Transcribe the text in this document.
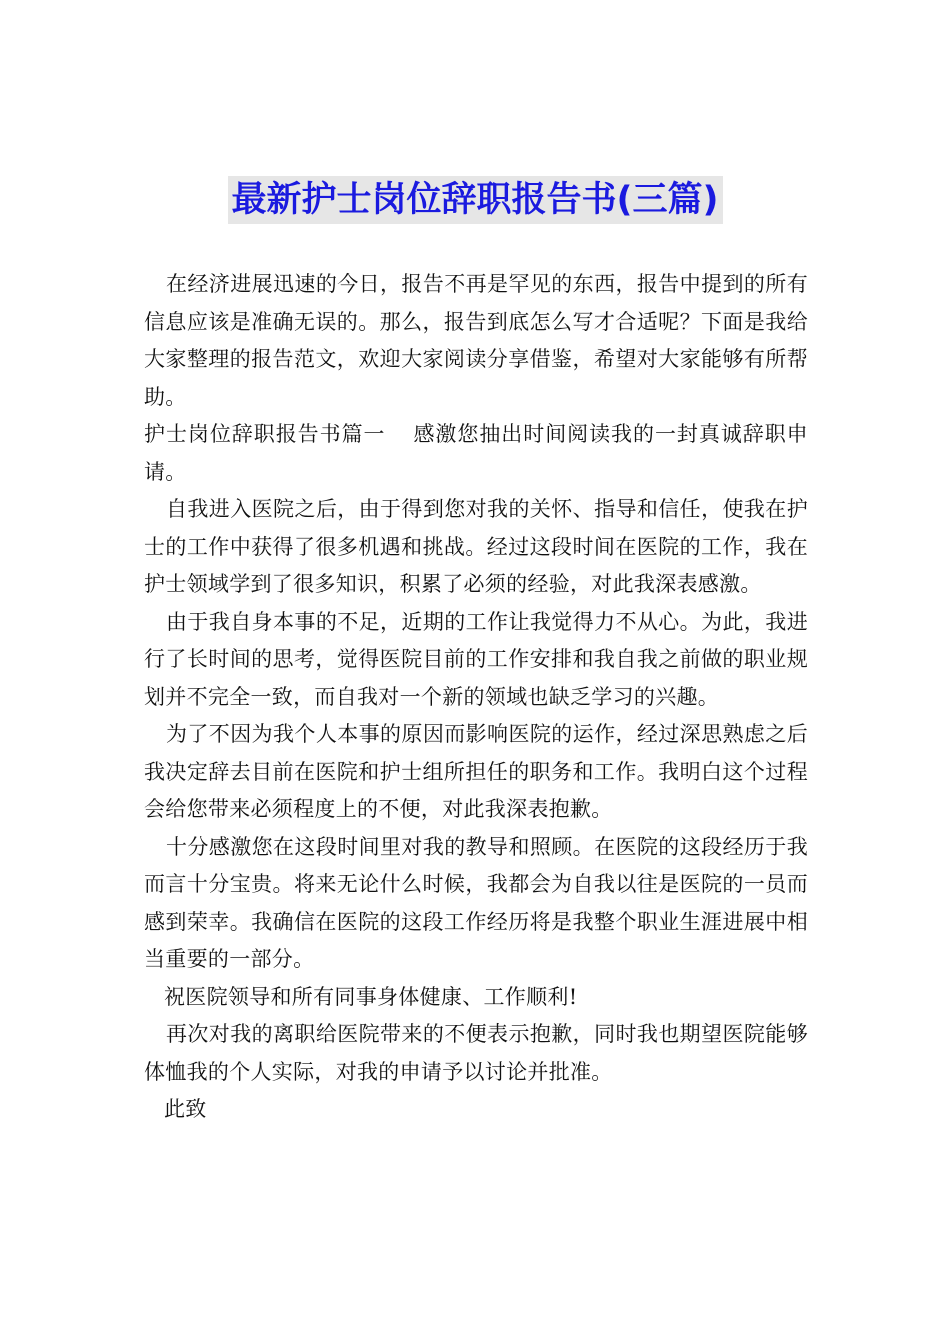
最新护士岗位辞职报告书(三篇)

在经济进展迅速的今日，报告不再是罕见的东西，报告中提到的所有信息应该是准确无误的。那么，报告到底怎么写才合适呢？下面是我给大家整理的报告范文，欢迎大家阅读分享借鉴，希望对大家能够有所帮助。

护士岗位辞职报告书篇一 感激您抽出时间阅读我的一封真诚辞职申请。

自我进入医院之后，由于得到您对我的关怀、指导和信任，使我在护士的工作中获得了很多机遇和挑战。经过这段时间在医院的工作，我在护士领域学到了很多知识，积累了必须的经验，对此我深表感激。

由于我自身本事的不足，近期的工作让我觉得力不从心。为此，我进行了长时间的思考，觉得医院目前的工作安排和我自我之前做的职业规划并不完全一致，而自我对一个新的领域也缺乏学习的兴趣。

为了不因为我个人本事的原因而影响医院的运作，经过深思熟虑之后我决定辞去目前在医院和护士组所担任的职务和工作。我明白这个过程会给您带来必须程度上的不便，对此我深表抱歉。

十分感激您在这段时间里对我的教导和照顾。在医院的这段经历于我而言十分宝贵。将来无论什么时候，我都会为自我以往是医院的一员而感到荣幸。我确信在医院的这段工作经历将是我整个职业生涯进展中相当重要的一部分。

祝医院领导和所有同事身体健康、工作顺利!

再次对我的离职给医院带来的不便表示抱歉，同时我也期望医院能够体恤我的个人实际，对我的申请予以讨论并批准。

此致
